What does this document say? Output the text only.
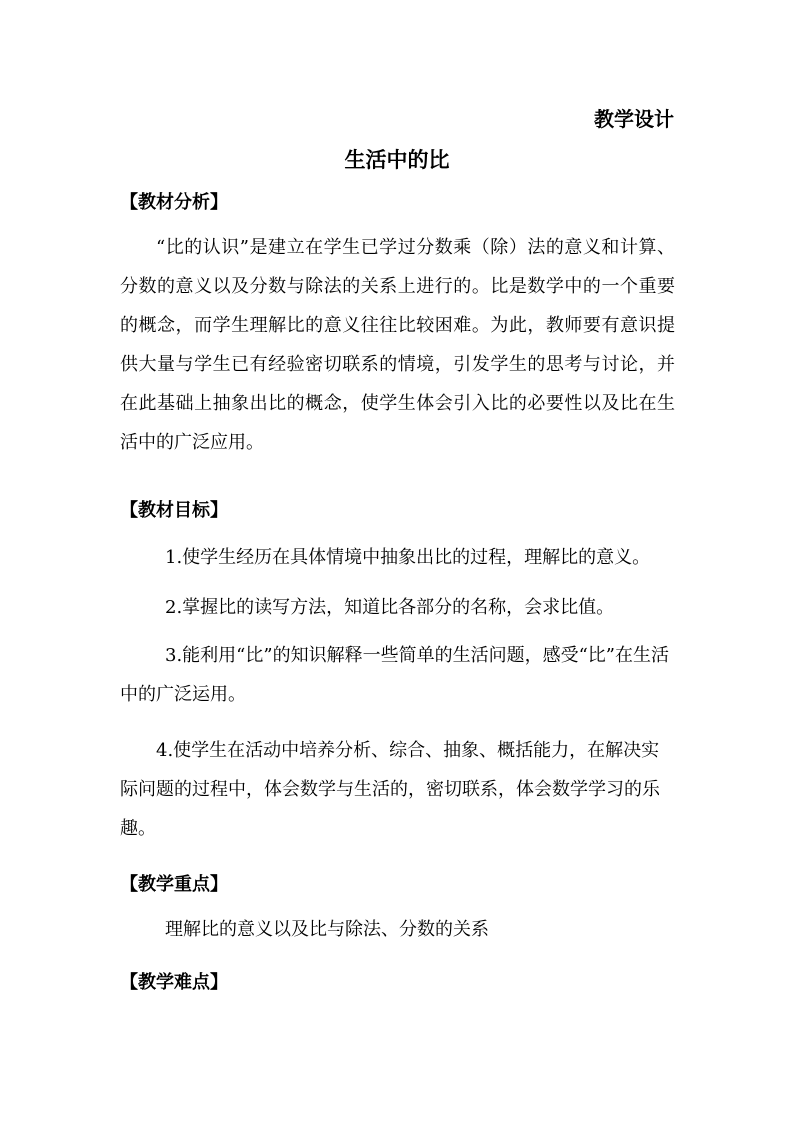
教学设计
生活中的比
【教材分析】

“比的认识”是建立在学生已学过分数乘（除）法的意义和计算、分数的意义以及分数与除法的关系上进行的。比是数学中的一个重要的概念，而学生理解比的意义往往比较困难。为此，教师要有意识提供大量与学生已有经验密切联系的情境，引发学生的思考与讨论，并在此基础上抽象出比的概念，使学生体会引入比的必要性以及比在生活中的广泛应用。

【教材目标】

1.使学生经历在具体情境中抽象出比的过程，理解比的意义。

2.掌握比的读写方法，知道比各部分的名称，会求比值。

3.能利用“比”的知识解释一些简单的生活问题，感受“比”在生活中的广泛运用。

4.使学生在活动中培养分析、综合、抽象、概括能力，在解决实际问题的过程中，体会数学与生活的，密切联系，体会数学学习的乐趣。

【教学重点】

理解比的意义以及比与除法、分数的关系

【教学难点】
